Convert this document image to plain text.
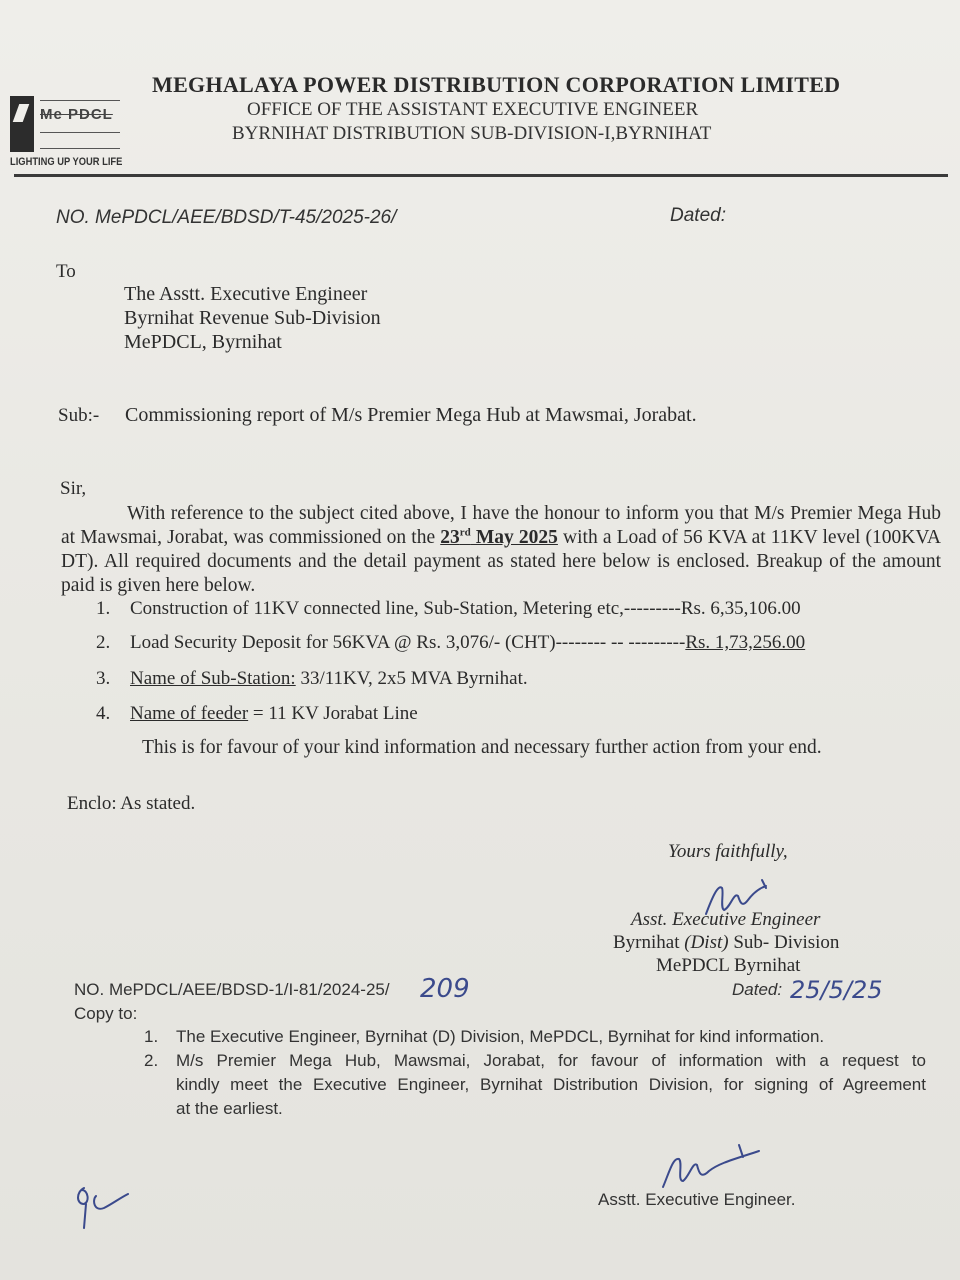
Me PDCL
LIGHTING UP YOUR LIFE
MEGHALAYA POWER DISTRIBUTION CORPORATION LIMITED
OFFICE OF THE ASSISTANT EXECUTIVE ENGINEER
BYRNIHAT DISTRIBUTION SUB-DIVISION-I,BYRNIHAT
NO. MePDCL/AEE/BDSD/T-45/2025-26/	Dated:
To
The Asstt. Executive Engineer
Byrnihat Revenue Sub-Division
MePDCL, Byrnihat
Sub:- Commissioning report of M/s Premier Mega Hub at Mawsmai, Jorabat.
Sir,
With reference to the subject cited above, I have the honour to inform you that M/s Premier Mega Hub at Mawsmai, Jorabat, was commissioned on the 23rd May 2025 with a Load of 56 KVA at 11KV level (100KVA DT). All required documents and the detail payment as stated here below is enclosed. Breakup of the amount paid is given here below.
1. Construction of 11KV connected line, Sub-Station, Metering etc,---------Rs. 6,35,106.00
2. Load Security Deposit for 56KVA @ Rs. 3,076/- (CHT)-------- -- ---------Rs. 1,73,256.00
3. Name of Sub-Station: 33/11KV, 2x5 MVA Byrnihat.
4. Name of feeder = 11 KV Jorabat Line
This is for favour of your kind information and necessary further action from your end.
Enclo: As stated.
Yours faithfully,
Asst. Executive Engineer
Byrnihat (Dist) Sub- Division
MePDCL Byrnihat
NO. MePDCL/AEE/BDSD-1/I-81/2024-25/ 209	Dated: 25/5/25
Copy to:
1. The Executive Engineer, Byrnihat (D) Division, MePDCL, Byrnihat for kind information.
2.	M/s Premier Mega Hub, Mawsmai, Jorabat, for favour of information with a request to
kindly meet the Executive Engineer, Byrnihat Distribution Division, for signing of Agreement
at the earliest.
Asstt. Executive Engineer.
